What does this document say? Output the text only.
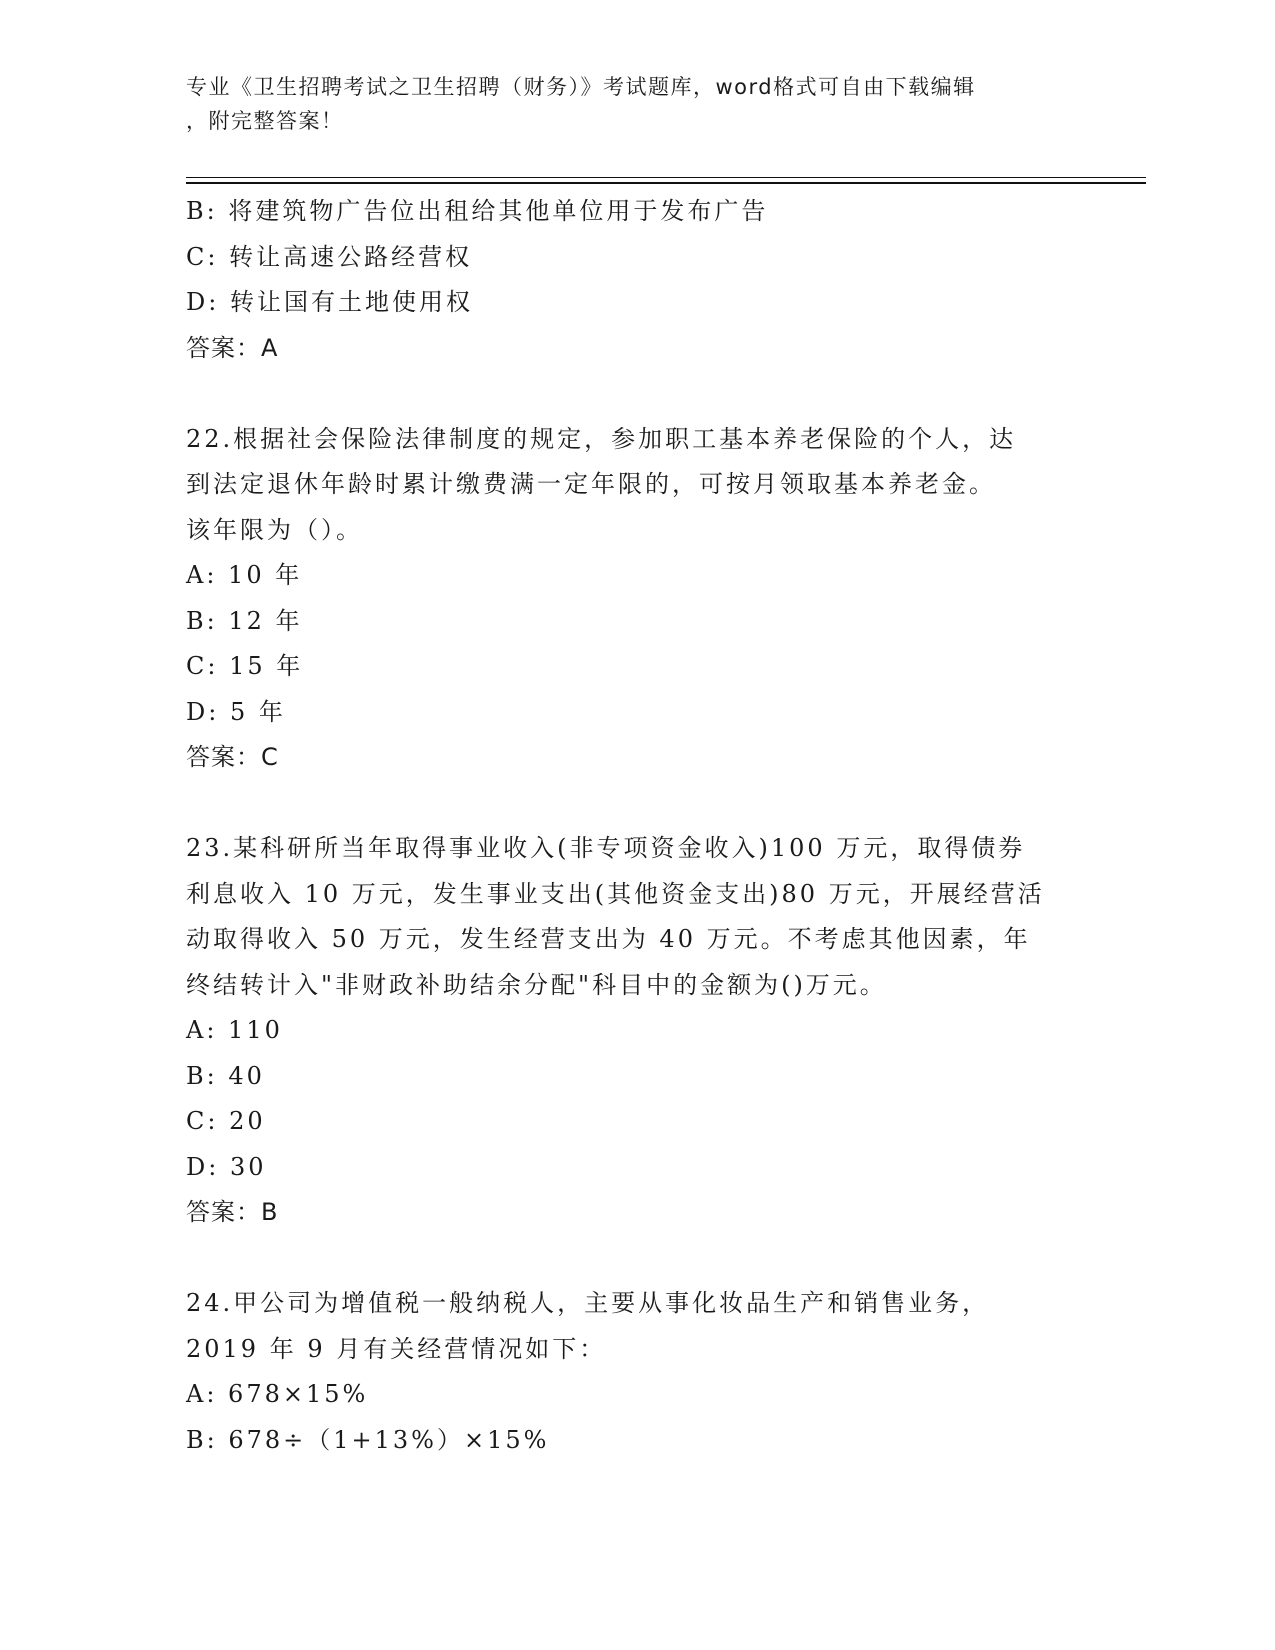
专业《卫生招聘考试之卫生招聘（财务）》考试题库，word格式可自由下载编辑
，附完整答案！
B: 将建筑物广告位出租给其他单位用于发布广告
C: 转让高速公路经营权
D: 转让国有土地使用权
答案：A
22.根据社会保险法律制度的规定，参加职工基本养老保险的个人，达
到法定退休年龄时累计缴费满一定年限的，可按月领取基本养老金。
该年限为（）。
A: 10 年
B: 12 年
C: 15 年
D: 5 年
答案：C
23.某科研所当年取得事业收入(非专项资金收入)100 万元，取得债券
利息收入 10 万元，发生事业支出(其他资金支出)80 万元，开展经营活
动取得收入 50 万元，发生经营支出为 40 万元。不考虑其他因素，年
终结转计入"非财政补助结余分配"科目中的金额为()万元。
A: 110
B: 40
C: 20
D: 30
答案：B
24.甲公司为增值税一般纳税人，主要从事化妆品生产和销售业务，
2019 年 9 月有关经营情况如下：
A: 678×15%
B: 678÷（1+13%）×15%
